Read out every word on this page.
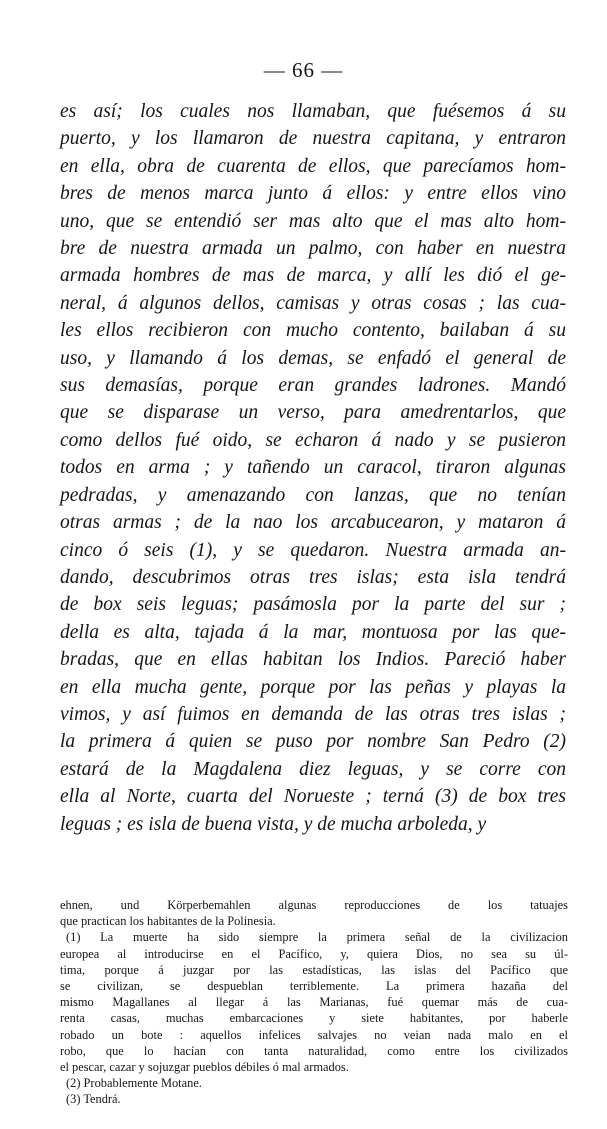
— 66 —
es así; los cuales nos llamaban, que fuésemos á su
puerto, y los llamaron de nuestra capitana, y entraron
en ella, obra de cuarenta de ellos, que parecíamos hom-
bres de menos marca junto á ellos: y entre ellos vino
uno, que se entendió ser mas alto que el mas alto hom-
bre de nuestra armada un palmo, con haber en nuestra
armada hombres de mas de marca, y allí les dió el ge-
neral, á algunos dellos, camisas y otras cosas ; las cua-
les ellos recibieron con mucho contento, bailaban á su
uso, y llamando á los demas, se enfadó el general de
sus demasías, porque eran grandes ladrones. Mandó
que se disparase un verso, para amedrentarlos, que
como dellos fué oido, se echaron á nado y se pusieron
todos en arma ; y tañendo un caracol, tiraron algunas
pedradas, y amenazando con lanzas, que no tenían
otras armas ; de la nao los arcabucearon, y mataron á
cinco ó seis (1), y se quedaron. Nuestra armada an-
dando, descubrimos otras tres islas; esta isla tendrá
de box seis leguas; pasámosla por la parte del sur ;
della es alta, tajada á la mar, montuosa por las que-
bradas, que en ellas habitan los Indios. Pareció haber
en ella mucha gente, porque por las peñas y playas la
vimos, y así fuimos en demanda de las otras tres islas ;
la primera á quien se puso por nombre San Pedro (2)
estará de la Magdalena diez leguas, y se corre con
ella al Norte, cuarta del Norueste ; terná (3) de box tres
leguas ; es isla de buena vista, y de mucha arboleda, y
ehnen, und Körperbemahlen algunas reproducciones de los tatuajes
que practican los habitantes de la Polinesia.
(1) La muerte ha sido siempre la primera señal de la civilizacion
europea al introducirse en el Pacífico, y, quiera Dios, no sea su úl-
tima, porque á juzgar por las estadísticas, las islas del Pacífico que
se civilizan, se despueblan terriblemente. La primera hazaña del
mismo Magallanes al llegar á las Marianas, fué quemar más de cua-
renta casas, muchas embarcaciones y siete habitantes, por haberle
robado un bote : aquellos infelices salvajes no veian nada malo en el
robo, que lo hacían con tanta naturalidad, como entre los civilizados
el pescar, cazar y sojuzgar pueblos débiles ó mal armados.
(2) Probablemente Motane.
(3) Tendrá.
